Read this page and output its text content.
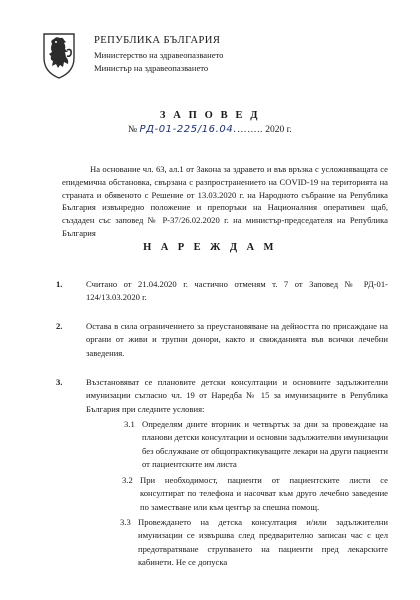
РЕПУБЛИКА БЪЛГАРИЯ
Министерство на здравеопазването
Министър на здравеопазването
З А П О В Е Д
№ РД-01-225/16.04.…….. 2020 г.
На основание чл. 63, ал.1 от Закона за здравето и във връзка с усложняващата се епидемична обстановка, свързана с разпространението на COVID-19 на територията на страната и обявеното с Решение от 13.03.2020 г. на Народното събрание на Република България извънредно положение и препоръки на Националния оперативен щаб, създаден със заповед № Р-37/26.02.2020 г. на министър-председателя на Република България
Н А Р Е Ж Д А М
1.	Считано от 21.04.2020 г. частично отменям т. 7 от Заповед № РД-01-124/13.03.2020 г.
2.	Остава в сила ограничението за преустановяване на дейността по присаждане на органи от живи и трупни донори, както и свижданията във всички лечебни заведения.
3.	Възстановяват се плановите детски консултации и основните задължителни имунизации съгласно чл. 19 от Наредба № 15 за имунизациите в Република България при следните условия:
3.1 Определям дните вторник и четвъртък за дни за провеждане на планови детски консултации и основни задължителни имунизации без обслужване от общопрактикуващите лекари на други пациенти от пациентските им листа
3.2 При необходимост, пациенти от пациентските листи се консултират по телефона и насочват към друго лечебно заведение по заместване или към център за спешна помощ.
3.3 Провеждането на детска консултация и/или задължителни имунизации се извършва след предварително записан час с цел предотвратяване струпването на пациенти пред лекарските кабинети. Не се допуска
